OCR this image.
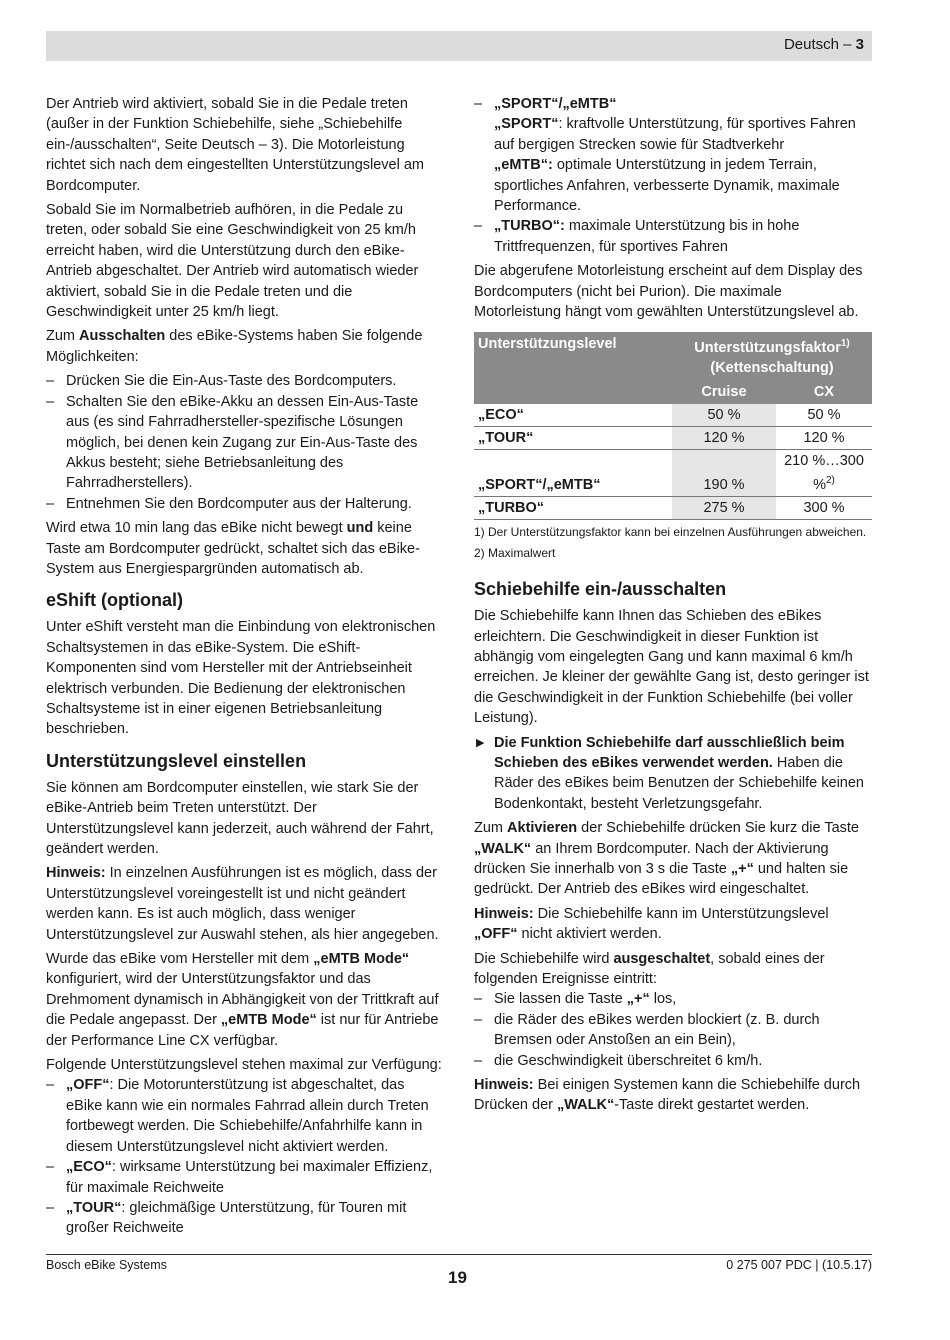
Deutsch – 3

Der Antrieb wird aktiviert, sobald Sie in die Pedale treten (außer in der Funktion Schiebehilfe, siehe „Schiebehilfe ein-/ausschalten“, Seite Deutsch – 3). Die Motorleistung richtet sich nach dem eingestellten Unterstützungslevel am Bordcomputer.

Sobald Sie im Normalbetrieb aufhören, in die Pedale zu treten, oder sobald Sie eine Geschwindigkeit von 25 km/h erreicht haben, wird die Unterstützung durch den eBike-Antrieb abgeschaltet. Der Antrieb wird automatisch wieder aktiviert, sobald Sie in die Pedale treten und die Geschwindigkeit unter 25 km/h liegt.

Zum Ausschalten des eBike-Systems haben Sie folgende Möglichkeiten:

– Drücken Sie die Ein-Aus-Taste des Bordcomputers.
– Schalten Sie den eBike-Akku an dessen Ein-Aus-Taste aus (es sind Fahrradhersteller-spezifische Lösungen möglich, bei denen kein Zugang zur Ein-Aus-Taste des Akkus besteht; siehe Betriebsanleitung des Fahrradherstellers).
– Entnehmen Sie den Bordcomputer aus der Halterung.

Wird etwa 10 min lang das eBike nicht bewegt und keine Taste am Bordcomputer gedrückt, schaltet sich das eBike-System aus Energiespargründen automatisch ab.

eShift (optional)

Unter eShift versteht man die Einbindung von elektronischen Schaltsystemen in das eBike-System. Die eShift-Komponenten sind vom Hersteller mit der Antriebseinheit elektrisch verbunden. Die Bedienung der elektronischen Schaltsysteme ist in einer eigenen Betriebsanleitung beschrieben.

Unterstützungslevel einstellen

Sie können am Bordcomputer einstellen, wie stark Sie der eBike-Antrieb beim Treten unterstützt. Der Unterstützungslevel kann jederzeit, auch während der Fahrt, geändert werden.

Hinweis: In einzelnen Ausführungen ist es möglich, dass der Unterstützungslevel voreingestellt ist und nicht geändert werden kann. Es ist auch möglich, dass weniger Unterstützungslevel zur Auswahl stehen, als hier angegeben.

Wurde das eBike vom Hersteller mit dem „eMTB Mode“ konfiguriert, wird der Unterstützungsfaktor und das Drehmoment dynamisch in Abhängigkeit von der Trittkraft auf die Pedale angepasst. Der „eMTB Mode“ ist nur für Antriebe der Performance Line CX verfügbar.

Folgende Unterstützungslevel stehen maximal zur Verfügung:

– „OFF“: Die Motorunterstützung ist abgeschaltet, das eBike kann wie ein normales Fahrrad allein durch Treten fortbewegt werden. Die Schiebehilfe/Anfahrhilfe kann in diesem Unterstützungslevel nicht aktiviert werden.
– „ECO“: wirksame Unterstützung bei maximaler Effizienz, für maximale Reichweite
– „TOUR“: gleichmäßige Unterstützung, für Touren mit großer Reichweite
– „SPORT“/„eMTB“
„SPORT“: kraftvolle Unterstützung, für sportives Fahren auf bergigen Strecken sowie für Stadtverkehr
„eMTB“: optimale Unterstützung in jedem Terrain, sportliches Anfahren, verbesserte Dynamik, maximale Performance.
– „TURBO“: maximale Unterstützung bis in hohe Trittfrequenzen, für sportives Fahren

Die abgerufene Motorleistung erscheint auf dem Display des Bordcomputers (nicht bei Purion). Die maximale Motorleistung hängt vom gewählten Unterstützungslevel ab.

Unterstützungslevel	Unterstützungsfaktor$^{1)}$
(Kettenschaltung)	
	Cruise	CX
„ECO“	50 %	50 %
„TOUR“	120 %	120 %
„SPORT“/„eMTB“	190 %	210 %…300 %$^{2)}$
„TURBO“	275 %	300 %
1) Der Unterstützungsfaktor kann bei einzelnen Ausführungen abweichen.
2) Maximalwert
Schiebehilfe ein-/ausschalten

Die Schiebehilfe kann Ihnen das Schieben des eBikes erleichtern. Die Geschwindigkeit in dieser Funktion ist abhängig vom eingelegten Gang und kann maximal 6 km/h erreichen. Je kleiner der gewählte Gang ist, desto geringer ist die Geschwindigkeit in der Funktion Schiebehilfe (bei voller Leistung).

▶ Die Funktion Schiebehilfe darf ausschließlich beim Schieben des eBikes verwendet werden. Haben die Räder des eBikes beim Benutzen der Schiebehilfe keinen Bodenkontakt, besteht Verletzungsgefahr.

Zum Aktivieren der Schiebehilfe drücken Sie kurz die Taste „WALK“ an Ihrem Bordcomputer. Nach der Aktivierung drücken Sie innerhalb von 3 s die Taste „+“ und halten sie gedrückt. Der Antrieb des eBikes wird eingeschaltet.

Hinweis: Die Schiebehilfe kann im Unterstützungslevel „OFF“ nicht aktiviert werden.

Die Schiebehilfe wird ausgeschaltet, sobald eines der folgenden Ereignisse eintritt:

– Sie lassen die Taste „+“ los,
– die Räder des eBikes werden blockiert (z. B. durch Bremsen oder Anstoßen an ein Bein),
– die Geschwindigkeit überschreitet 6 km/h.

Hinweis: Bei einigen Systemen kann die Schiebehilfe durch Drücken der „WALK“-Taste direkt gestartet werden.

Bosch eBike Systems	0 275 007 PDC | (10.5.17)
19
